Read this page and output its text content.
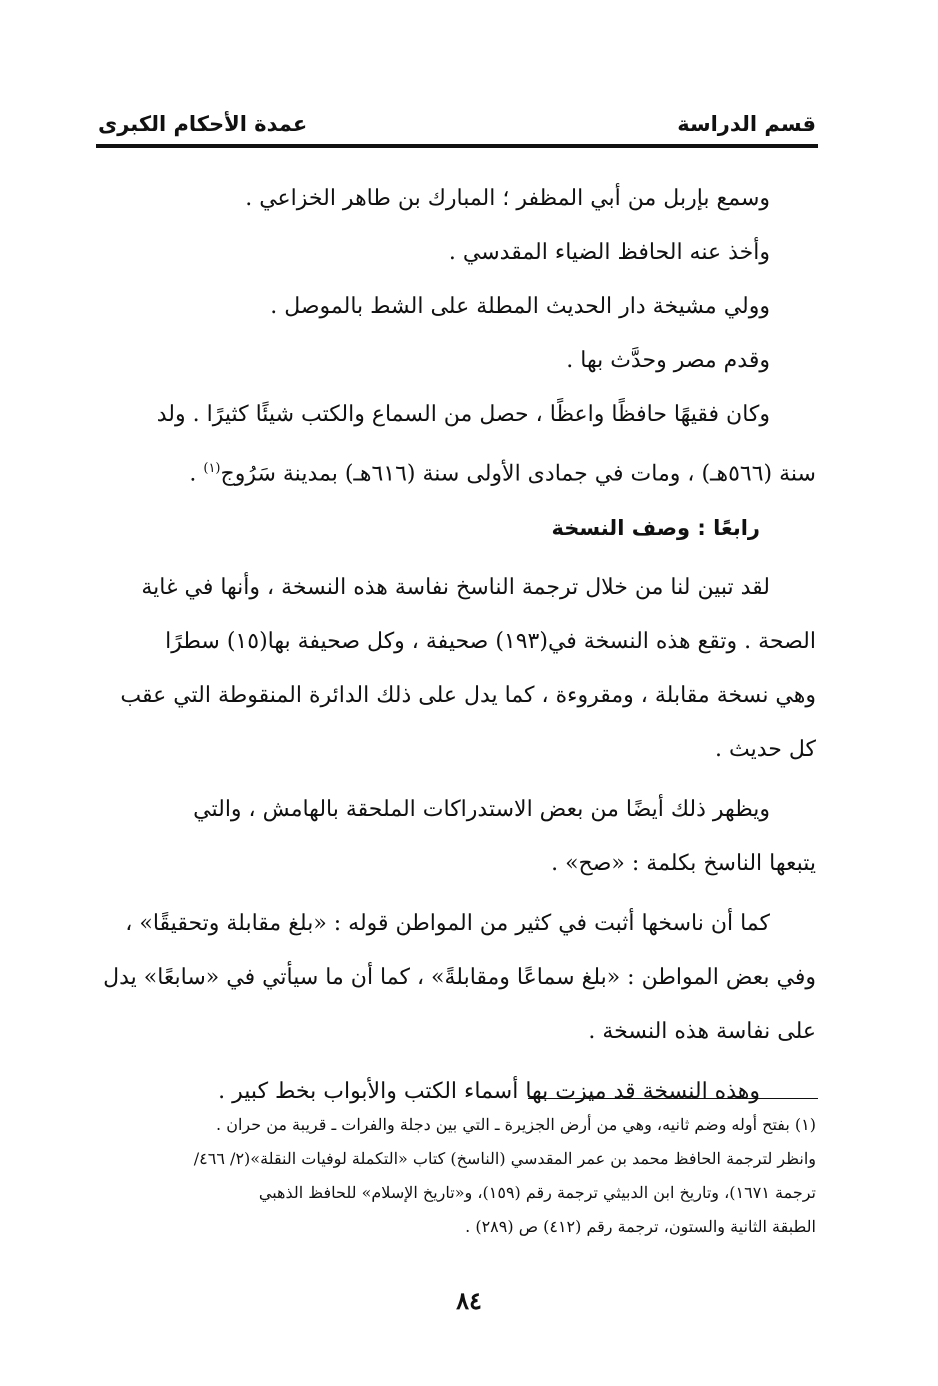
قسم الدراسة
عمدة الأحكام الكبرى
وسمع بإربل من أبي المظفر ؛ المبارك بن طاهر الخزاعي .
وأخذ عنه الحافظ الضياء المقدسي .
وولي مشيخة دار الحديث المطلة على الشط بالموصل .
وقدم مصر وحدَّث بها .
وكان فقيهًا حافظًا واعظًا ، حصل من السماع والكتب شيئًا كثيرًا . ولد
سنة (٥٦٦هـ) ، ومات في جمادى الأولى سنة (٦١٦هـ) بمدينة سَرُوج$^{(١)}$ .
رابعًا : وصف النسخة
لقد تبين لنا من خلال ترجمة الناسخ نفاسة هذه النسخة ، وأنها في غاية
الصحة . وتقع هذه النسخة في(١٩٣) صحيفة ، وكل صحيفة بها(١٥) سطرًا
وهي نسخة مقابلة ، ومقروءة ، كما يدل على ذلك الدائرة المنقوطة التي عقب
كل حديث .
ويظهر ذلك أيضًا من بعض الاستدراكات الملحقة بالهامش ، والتي
يتبعها الناسخ بكلمة : «صح» .
كما أن ناسخها أثبت في كثير من المواطن قوله : «بلغ مقابلة وتحقيقًا» ،
وفي بعض المواطن : «بلغ سماعًا ومقابلةً» ، كما أن ما سيأتي في «سابعًا» يدل
على نفاسة هذه النسخة .
وهذه النسخة قد ميزت بها أسماء الكتب والأبواب بخط كبير .
(١) بفتح أوله وضم ثانيه، وهي من أرض الجزيرة ـ التي بين دجلة والفرات ـ قريبة من حران .
وانظر لترجمة الحافظ محمد بن عمر المقدسي (الناسخ) كتاب «التكملة لوفيات النقلة»(٢/ ٤٦٦/
ترجمة ١٦٧١)، وتاريخ ابن الدبيثي ترجمة رقم (١٥٩)، و«تاريخ الإسلام» للحافظ الذهبي
الطبقة الثانية والستون، ترجمة رقم (٤١٢) ص (٢٨٩) .
٨٤
